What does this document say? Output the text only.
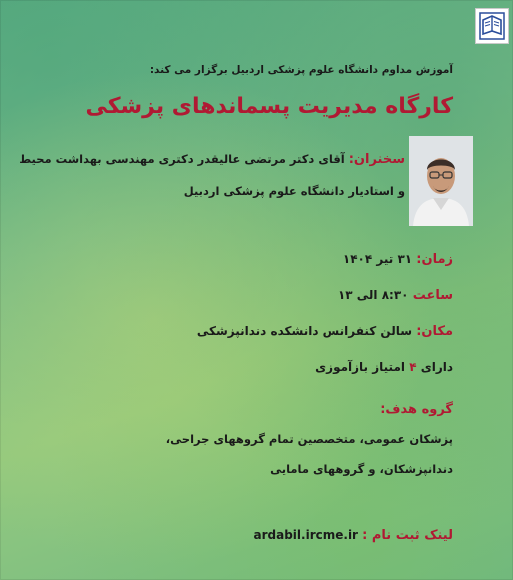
آموزش مداوم دانشگاه علوم پزشکی اردبیل برگزار می کند:
کارگاه مدیریت پسماندهای پزشکی
سخنران: آقای دکتر مرتضی عالیقدر دکتری مهندسی بهداشت محیط
و استادیار دانشگاه علوم پزشکی اردبیل
زمان: ۳۱ تیر ۱۴۰۴
ساعت ۸:۳۰ الی ۱۳
مکان: سالن کنفرانس دانشکده دندانپزشکی
دارای ۴ امتیاز بازآموزی
گروه هدف:
پزشکان عمومی، متخصصین تمام گروههای جراحی،
دندانپزشکان، و گروههای مامایی
لینک ثبت نام : ardabil.ircme.ir
